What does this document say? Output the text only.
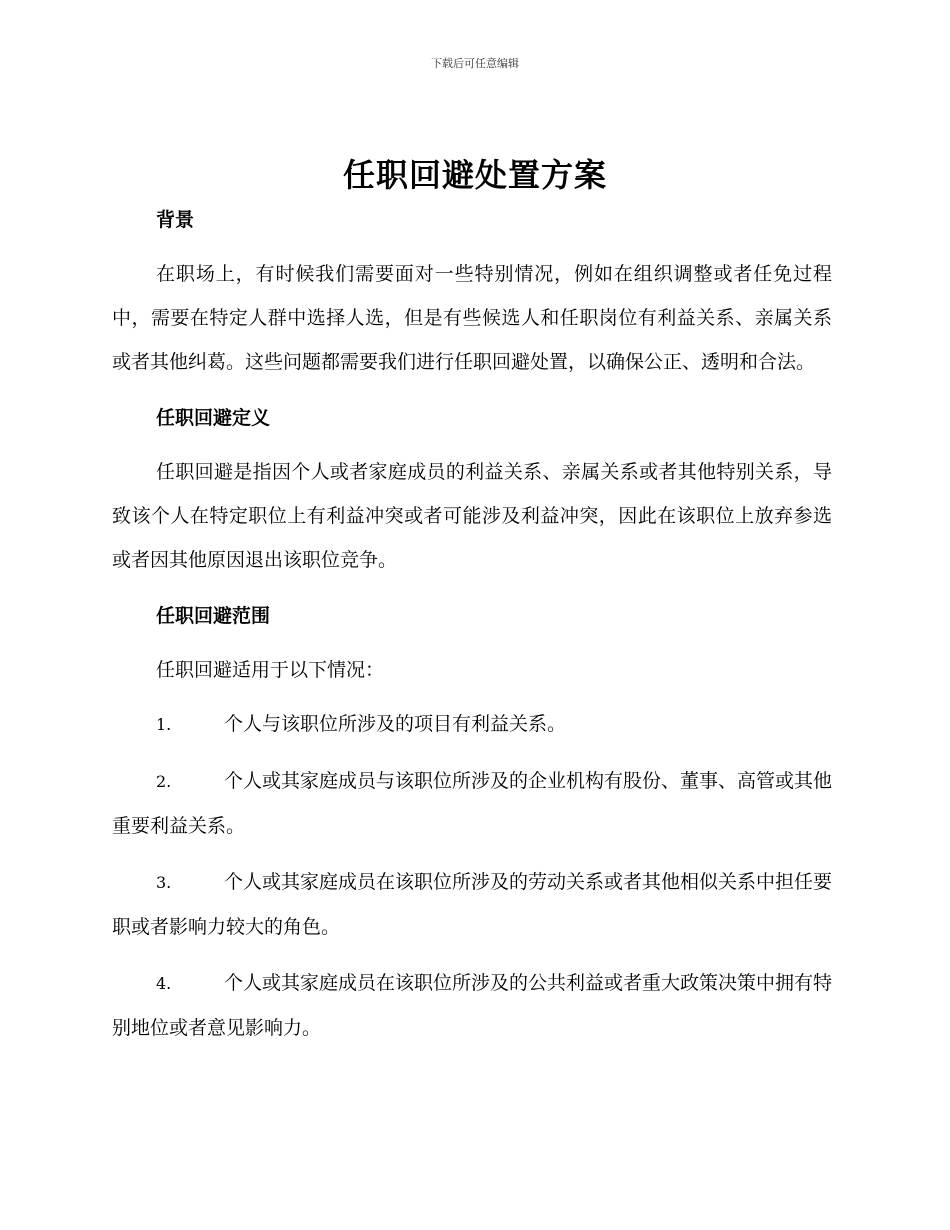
下载后可任意编辑
任职回避处置方案

背景

在职场上，有时候我们需要面对一些特别情况，例如在组织调整或者任免过程中，需要在特定人群中选择人选，但是有些候选人和任职岗位有利益关系、亲属关系或者其他纠葛。这些问题都需要我们进行任职回避处置，以确保公正、透明和合法。

任职回避定义

任职回避是指因个人或者家庭成员的利益关系、亲属关系或者其他特别关系，导致该个人在特定职位上有利益冲突或者可能涉及利益冲突，因此在该职位上放弃参选或者因其他原因退出该职位竞争。

任职回避范围

任职回避适用于以下情况：

1.	个人与该职位所涉及的项目有利益关系。

2.	个人或其家庭成员与该职位所涉及的企业机构有股份、董事、高管或其他重要利益关系。

3.	个人或其家庭成员在该职位所涉及的劳动关系或者其他相似关系中担任要职或者影响力较大的角色。

4.	个人或其家庭成员在该职位所涉及的公共利益或者重大政策决策中拥有特别地位或者意见影响力。
